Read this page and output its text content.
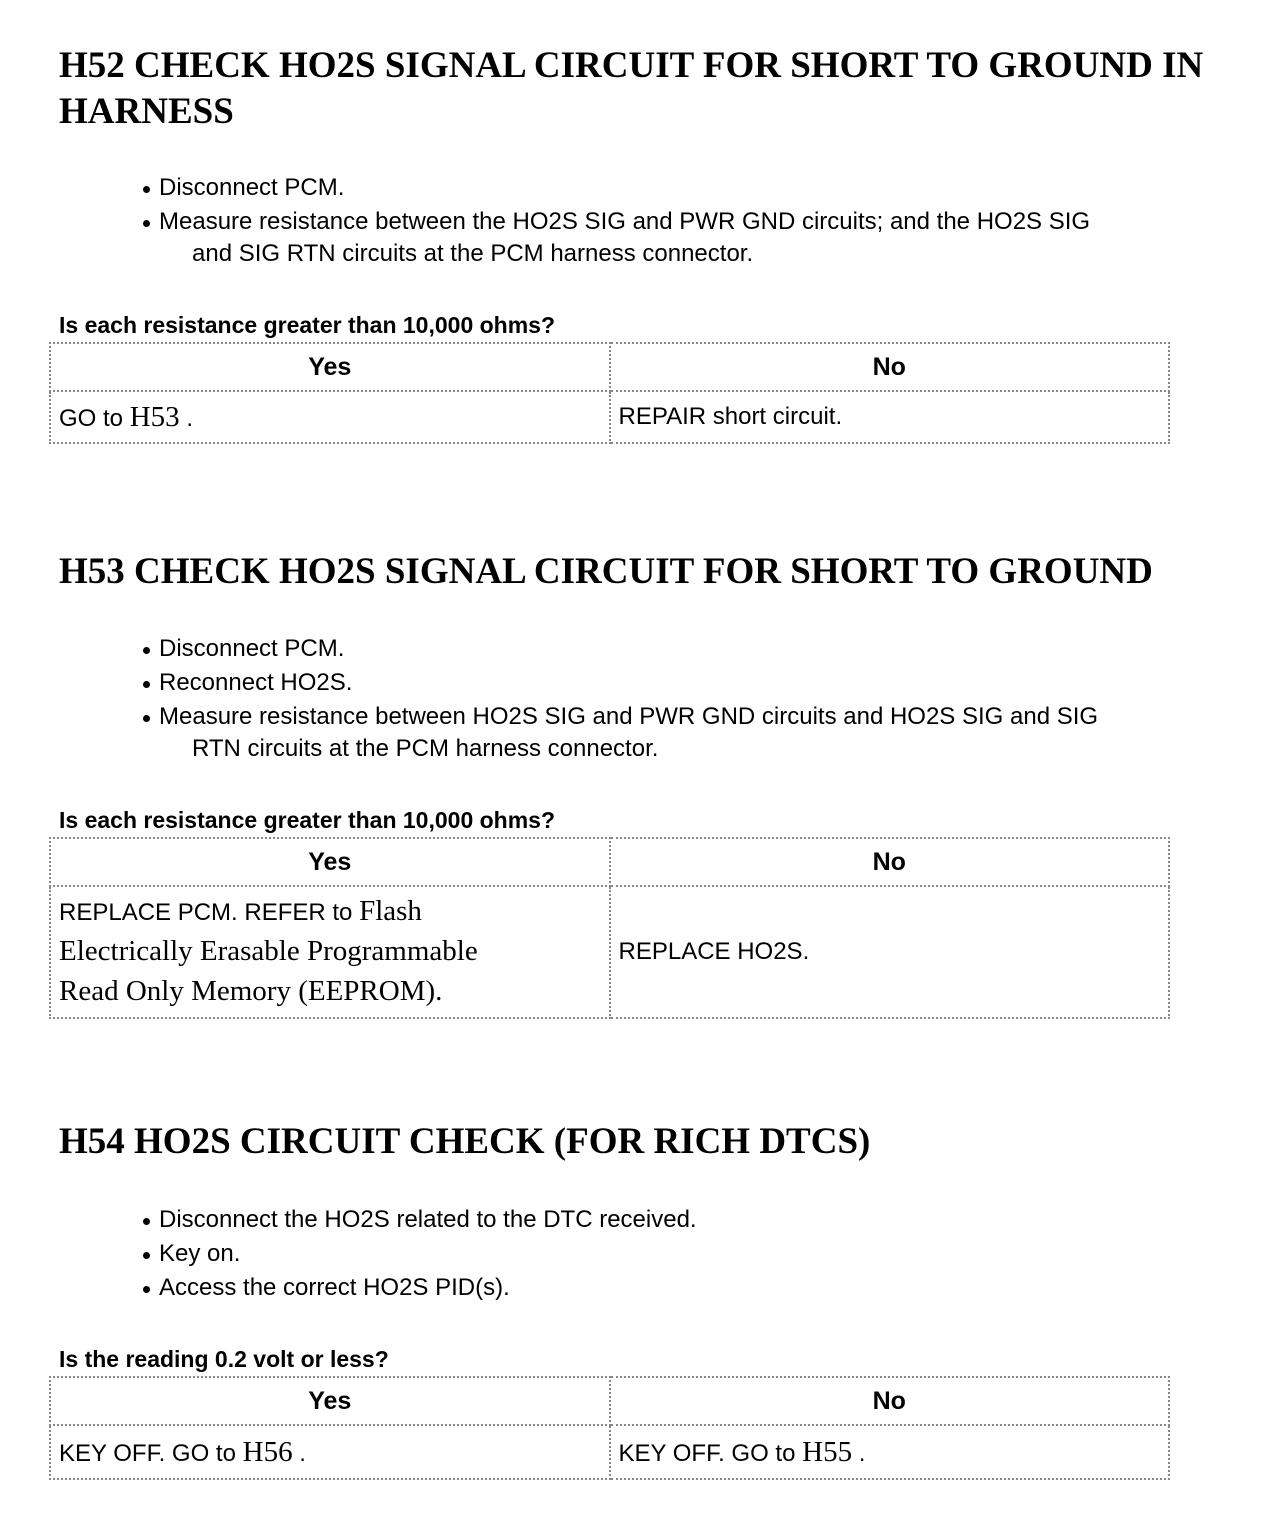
H52 CHECK HO2S SIGNAL CIRCUIT FOR SHORT TO GROUND IN HARNESS
Disconnect PCM.
Measure resistance between the HO2S SIG and PWR GND circuits; and the HO2S SIG
and SIG RTN circuits at the PCM harness connector.

Is each resistance greater than 10,000 ohms?

Yes	No
GO to H53 .	REPAIR short circuit.
H53 CHECK HO2S SIGNAL CIRCUIT FOR SHORT TO GROUND
Disconnect PCM.
Reconnect HO2S.
Measure resistance between HO2S SIG and PWR GND circuits and HO2S SIG and SIG
RTN circuits at the PCM harness connector.

Is each resistance greater than 10,000 ohms?

Yes	No
REPLACE PCM. REFER to Flash
Electrically Erasable Programmable
Read Only Memory (EEPROM).	REPLACE HO2S.
H54 HO2S CIRCUIT CHECK (FOR RICH DTCS)
Disconnect the HO2S related to the DTC received.
Key on.
Access the correct HO2S PID(s).

Is the reading 0.2 volt or less?

Yes	No
KEY OFF. GO to H56 .	KEY OFF. GO to H55 .
